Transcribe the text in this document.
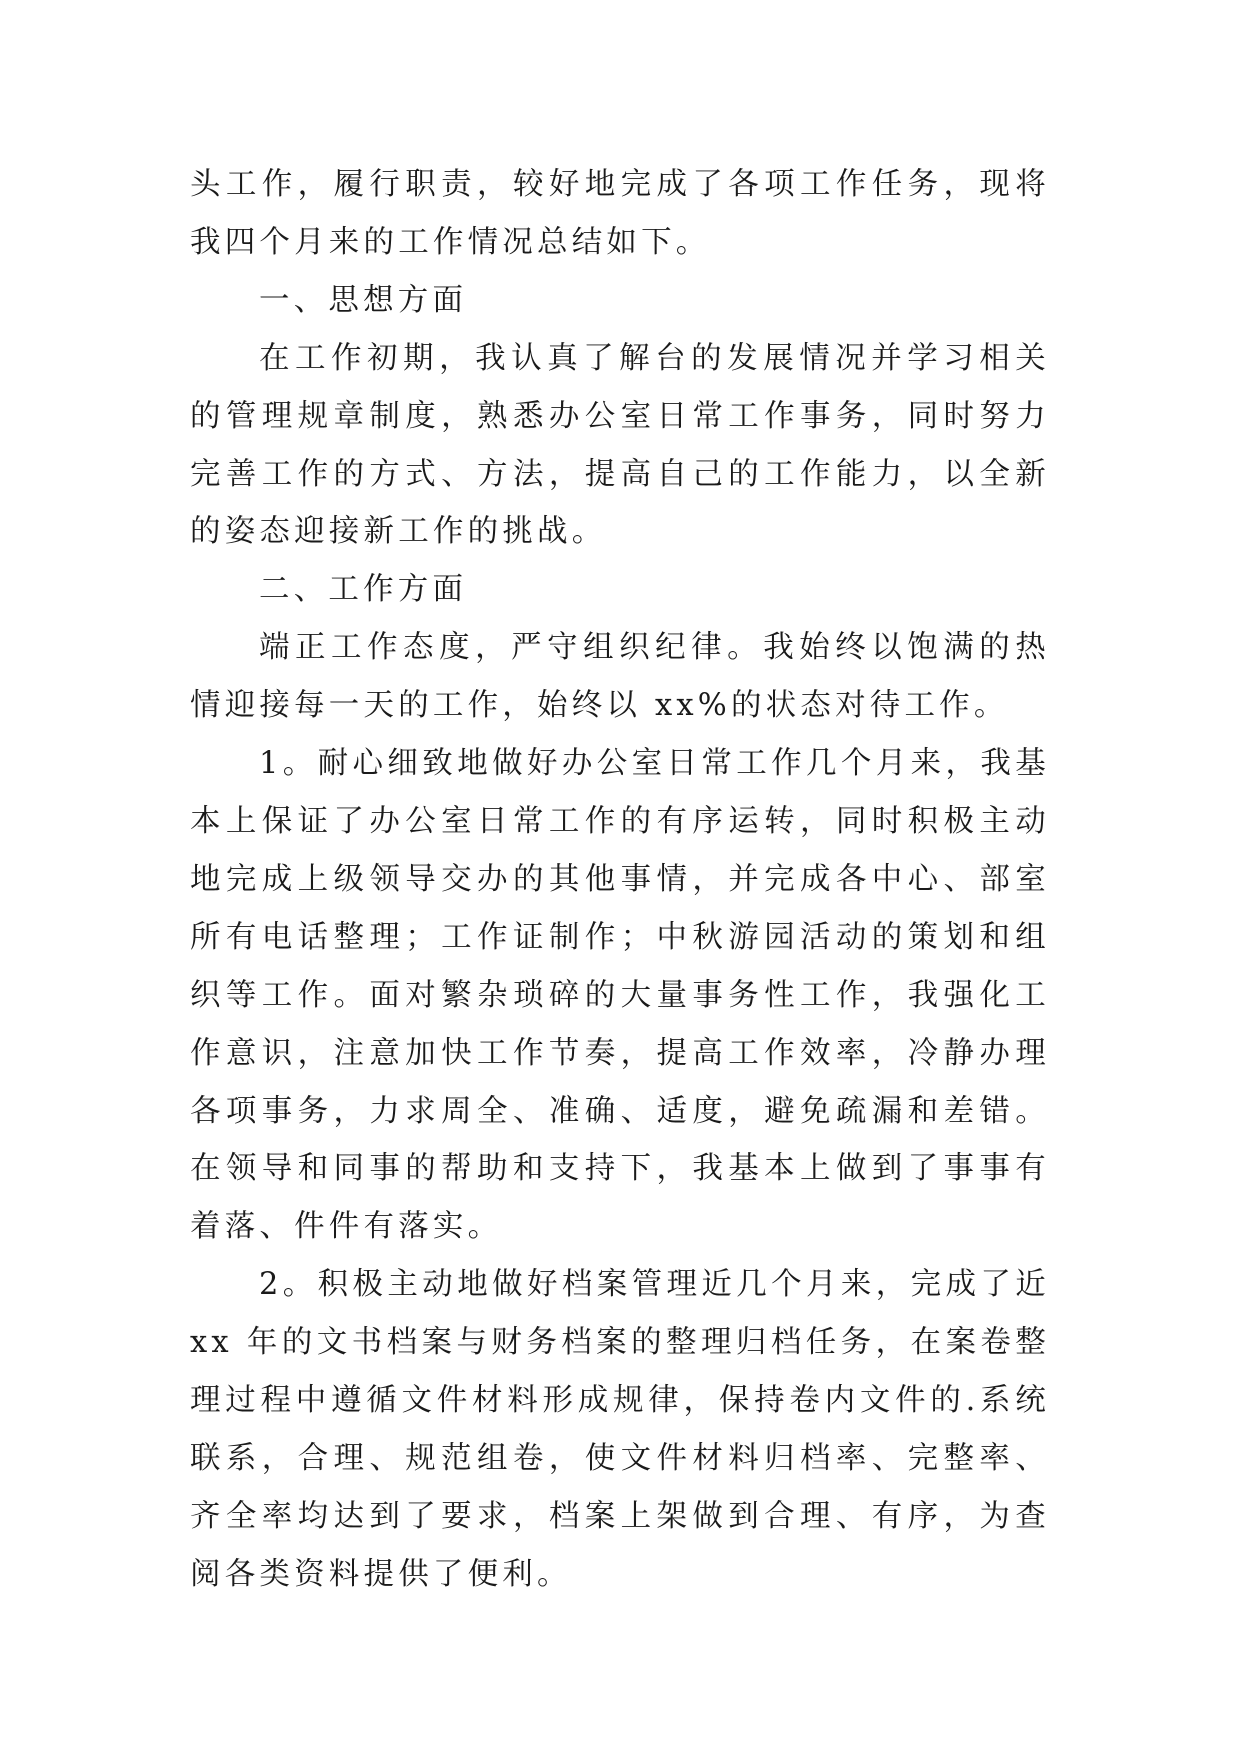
头工作，履行职责，较好地完成了各项工作任务，现将我四个月来的工作情况总结如下。

一、思想方面

在工作初期，我认真了解台的发展情况并学习相关的管理规章制度，熟悉办公室日常工作事务，同时努力完善工作的方式、方法，提高自己的工作能力，以全新的姿态迎接新工作的挑战。

二、工作方面

端正工作态度，严守组织纪律。我始终以饱满的热情迎接每一天的工作，始终以 xx%的状态对待工作。

1。耐心细致地做好办公室日常工作几个月来，我基本上保证了办公室日常工作的有序运转，同时积极主动地完成上级领导交办的其他事情，并完成各中心、部室所有电话整理；工作证制作；中秋游园活动的策划和组织等工作。面对繁杂琐碎的大量事务性工作，我强化工作意识，注意加快工作节奏，提高工作效率，冷静办理各项事务，力求周全、准确、适度，避免疏漏和差错。在领导和同事的帮助和支持下，我基本上做到了事事有着落、件件有落实。

2。积极主动地做好档案管理近几个月来，完成了近 xx 年的文书档案与财务档案的整理归档任务，在案卷整理过程中遵循文件材料形成规律，保持卷内文件的.系统联系，合理、规范组卷，使文件材料归档率、完整率、齐全率均达到了要求，档案上架做到合理、有序，为查阅各类资料提供了便利。
